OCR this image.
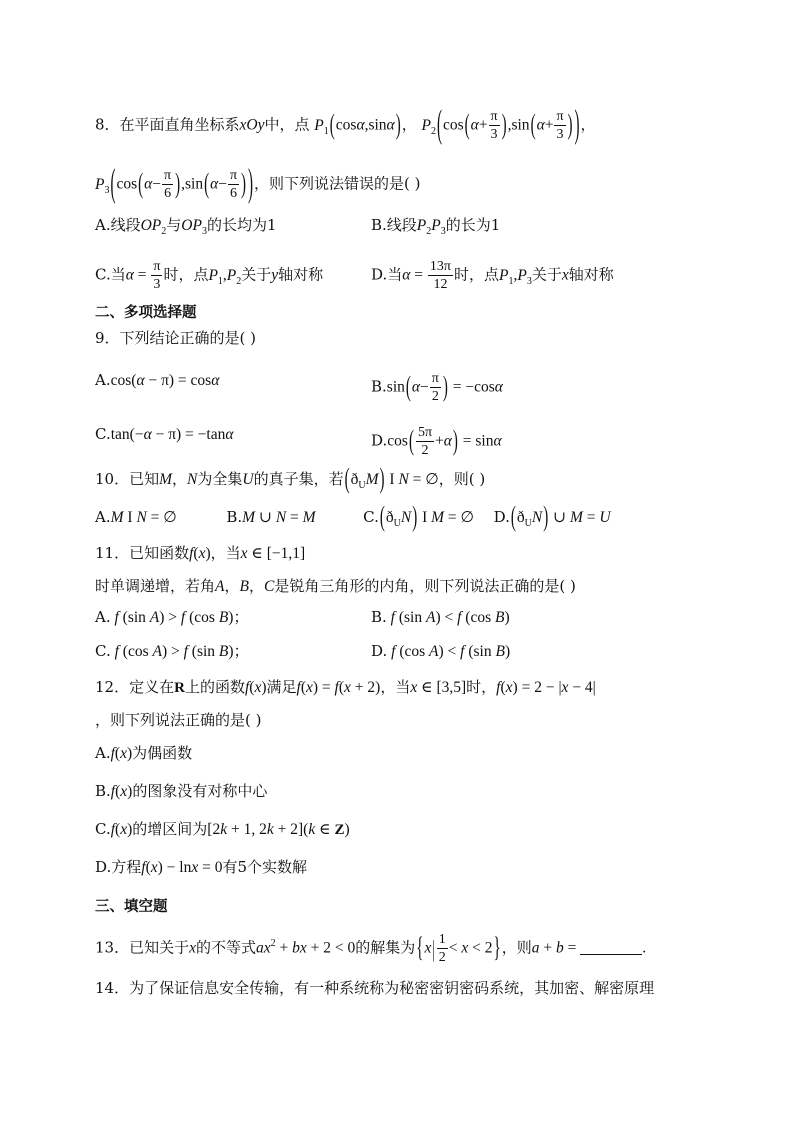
8．在平面直角坐标系xOy中，点 $P_1(\cos\alpha,\sin\alpha)$， $P_2(\cos(\alpha+ \frac{\pi}{3} ),\sin(\alpha+ \frac{\pi}{3}$ ) )，
$P_3(\cos(\alpha- \frac{\pi}{6} ),\sin(\alpha- \frac{\pi}{6}$ ) )，则下列说法错误的是( )
A.线段$OP_2$与$OP_3$的长均为1	B.线段$P_2P_3$的长为1
C.当$\alpha = \frac{\pi}{3}$ 时，点$P_1,P_2$关于y轴对称	D.当$\alpha = \frac{13\pi}{12}$ 时，点$P_1,P_3$关于x轴对称
二、多项选择题
9．下列结论正确的是( )
A.cos(α − π) = cosα	$B.\sin(\alpha- \frac{\pi}{2}$ ) = −cosα
C.tan(−α − π) = −tanα	$D.\cos( \frac{5\pi}{2} +\alpha) = \sin\alpha$
10．已知M，N为全集U的真子集，若$(ð_UM)$ I N = ∅，则( )
A.M I N = ∅	B.M ∪ N = M	$C.(ð_UN)$ I M = ∅ $D.(ð_UN)$ ∪ M = U
11．已知函数f(x)，当x ∈ [−1,1]
时单调递增，若角A，B，C是锐角三角形的内角，则下列说法正确的是( )
A. f (sin A) > f (cos B)；	B. f (sin A) < f (cos B)
C. f (cos A) > f (sin B)；	D. f (cos A) < f (sin B)
12．定义在R上的函数f(x)满足f(x) = f(x + 2)，当x ∈ [3,5]时，f(x) = 2 − |x − 4|
，则下列说法正确的是( )
A.f(x)为偶函数
B.f(x)的图象没有对称中心
C.f(x)的增区间为[2k + 1, 2k + 2](k ∈ Z)
D.方程f(x) − lnx = 0有5个实数解
三、填空题
13．已知关于x的不等式$ax^2$ + bx + 2 < 0的解集为$\{x| \frac{1}{2} < x < 2\}$，则a + b =	.
14．为了保证信息安全传输，有一种系统称为秘密密钥密码系统，其加密、解密原理
